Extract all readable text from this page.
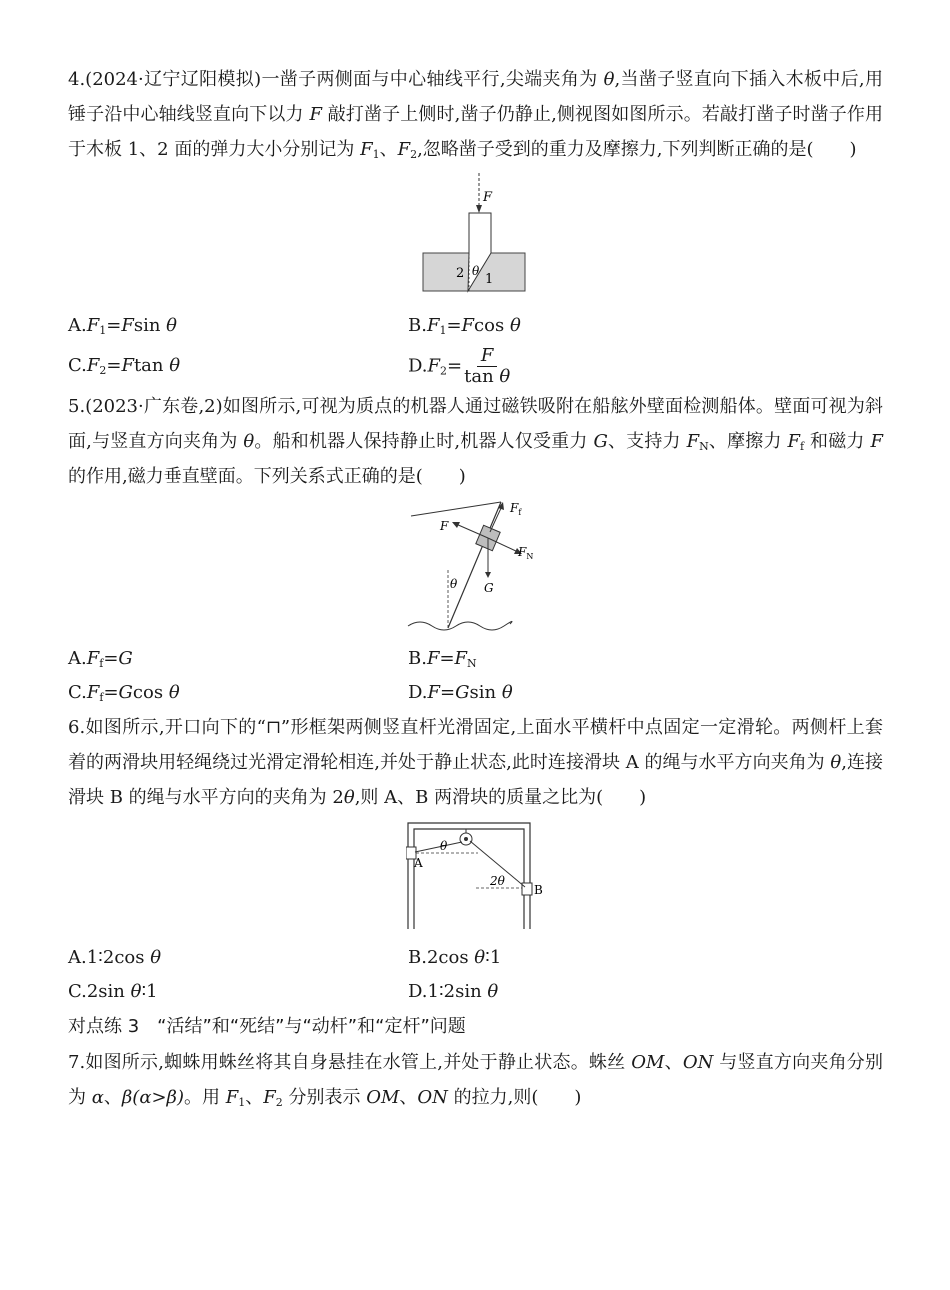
4.(2024·辽宁辽阳模拟)一凿子两侧面与中心轴线平行,尖端夹角为 θ,当凿子竖直向下插入木板中后,用锤子沿中心轴线竖直向下以力 F 敲打凿子上侧时,凿子仍静止,侧视图如图所示。若敲打凿子时凿子作用于木板 1、2 面的弹力大小分别记为 $F_1$、$F_2$,忽略凿子受到的重力及摩擦力,下列判断正确的是(　　)

F
θ
1
2
$A.F_1=Fsin$ θ	$B.F_1=Fcos$ θ
$C.F_2=Ftan$ θ	$D.F_2= \frac{F}{\text{tan θ}}$

5.(2023·广东卷,2)如图所示,可视为质点的机器人通过磁铁吸附在船舷外壁面检测船体。壁面可视为斜面,与竖直方向夹角为 θ。船和机器人保持静止时,机器人仅受重力 G、支持力 $F_N$、摩擦力 $F_f$ 和磁力 F 的作用,磁力垂直壁面。下列关系式正确的是(　　)

$F_f$
F
$F_N$
G
θ
$A.F_f=G$	$B.F=F_N$
$C.F_f=Gcos$ θ	D.F=Gsin θ

6.如图所示,开口向下的“⊓”形框架两侧竖直杆光滑固定,上面水平横杆中点固定一定滑轮。两侧杆上套着的两滑块用轻绳绕过光滑定滑轮相连,并处于静止状态,此时连接滑块 A 的绳与水平方向夹角为 θ,连接滑块 B 的绳与水平方向的夹角为 2θ,则 A、B 两滑块的质量之比为(　　)

A
B
θ
2θ
A.1∶2cos θ	B.2cos θ∶1
C.2sin θ∶1	D.1∶2sin θ

对点练 3　“活结”和“死结”与“动杆”和“定杆”问题

7.如图所示,蜘蛛用蛛丝将其自身悬挂在水管上,并处于静止状态。蛛丝 OM、ON 与竖直方向夹角分别为 α、β(α>β)。用 $F_1$、$F_2$ 分别表示 OM、ON 的拉力,则(　　)
